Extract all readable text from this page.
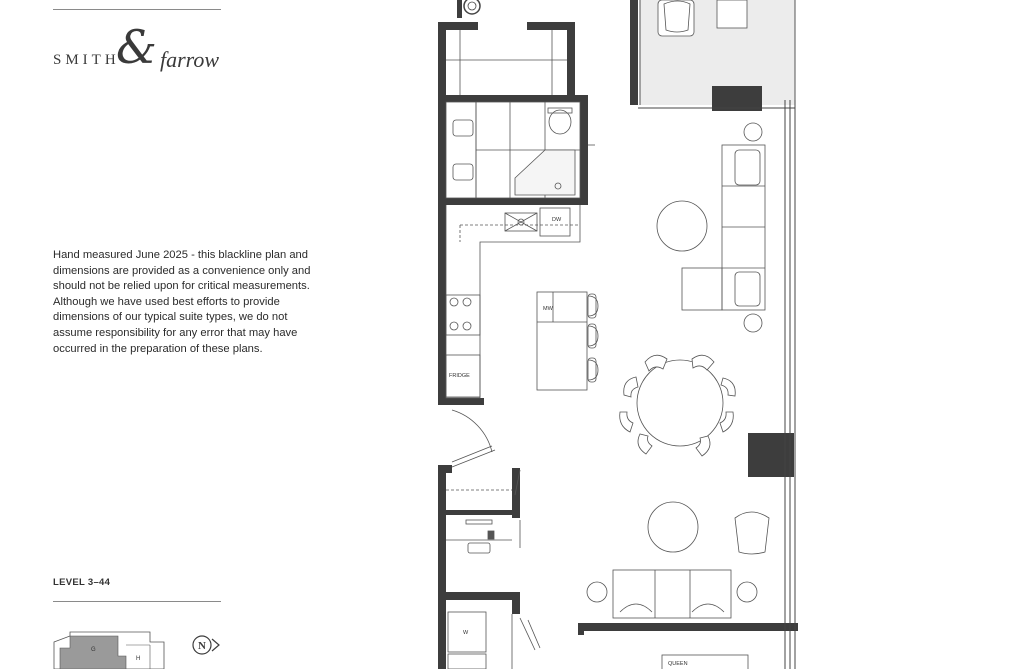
SMITH
& farrow
Hand measured June 2025 - this blackline plan and dimensions are provided as a convenience only and should not be relied upon for critical measurements. Although we have used best efforts to provide dimensions of our typical suite types, we do not assume responsibility for any error that may have occurred in the preparation of these plans.
LEVEL 3–44
DW
MW
FRIDGE
W
QUEEN
G
H
N
